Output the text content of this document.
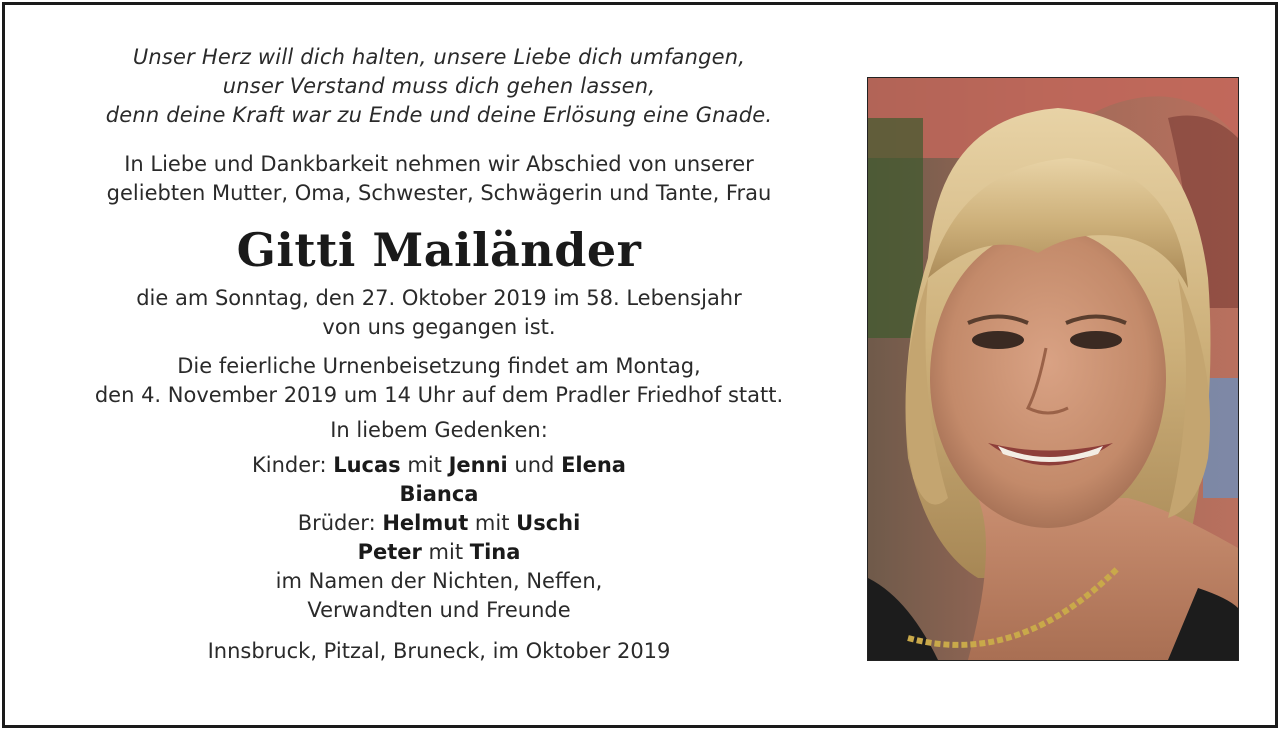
Unser Herz will dich halten, unsere Liebe dich umfangen,
unser Verstand muss dich gehen lassen,
denn deine Kraft war zu Ende und deine Erlösung eine Gnade.

In Liebe und Dankbarkeit nehmen wir Abschied von unserer

geliebten Mutter, Oma, Schwester, Schwägerin und Tante, Frau

Gitti Mailänder

die am Sonntag, den 27. Oktober 2019 im 58. Lebensjahr

von uns gegangen ist.

Die feierliche Urnenbeisetzung findet am Montag,

den 4. November 2019 um 14 Uhr auf dem Pradler Friedhof statt.

In liebem Gedenken:

Kinder: Lucas mit Jenni und Elena
Bianca
Brüder: Helmut mit Uschi
Peter mit Tina
im Namen der Nichten, Neffen,
Verwandten und Freunde

Innsbruck, Pitzal, Bruneck, im Oktober 2019
